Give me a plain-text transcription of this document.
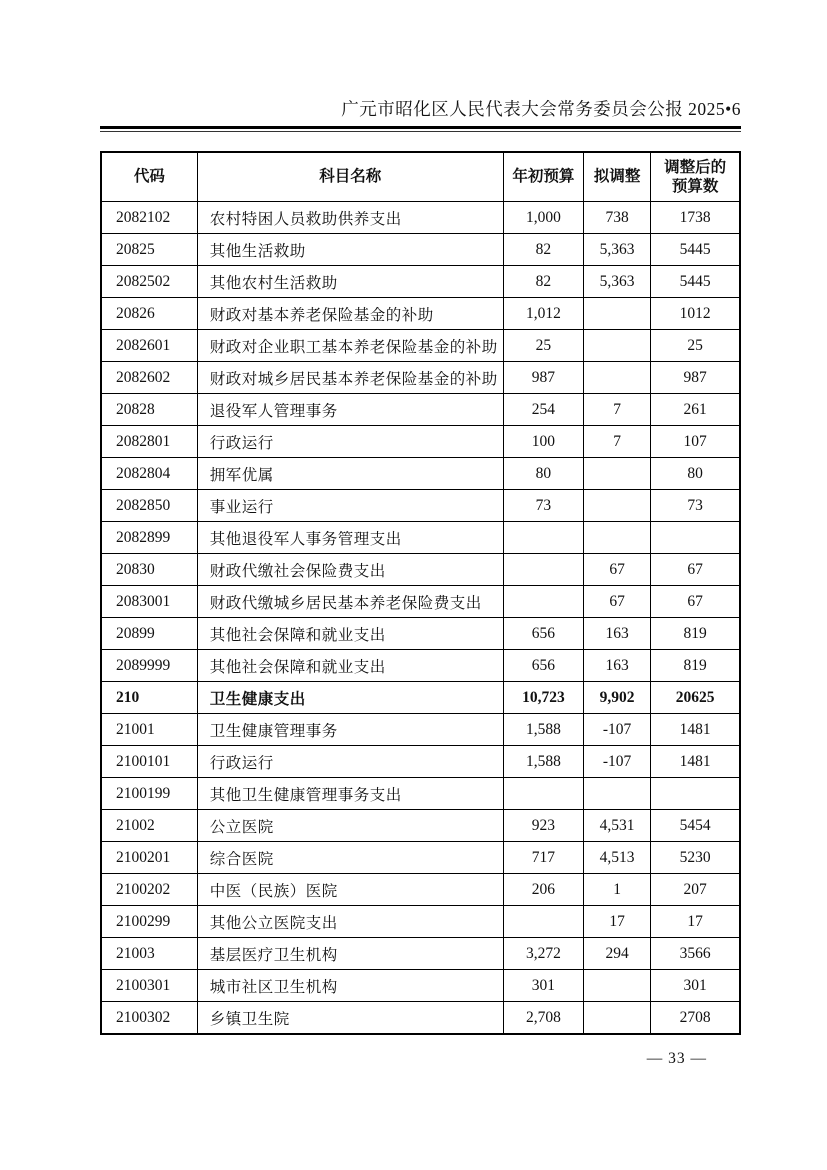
广元市昭化区人民代表大会常务委员会公报 2025•6
代码	科目名称	年初预算	拟调整	调整后的
预算数

2082102	农村特困人员救助供养支出	1,000	738	1738
20825	其他生活救助	82	5,363	5445
2082502	其他农村生活救助	82	5,363	5445
20826	财政对基本养老保险基金的补助	1,012		1012
2082601	财政对企业职工基本养老保险基金的补助	25		25
2082602	财政对城乡居民基本养老保险基金的补助	987		987
20828	退役军人管理事务	254	7	261
2082801	行政运行	100	7	107
2082804	拥军优属	80		80
2082850	事业运行	73		73
2082899	其他退役军人事务管理支出			
20830	财政代缴社会保险费支出		67	67
2083001	财政代缴城乡居民基本养老保险费支出		67	67
20899	其他社会保障和就业支出	656	163	819
2089999	其他社会保障和就业支出	656	163	819
210	卫生健康支出	10,723	9,902	20625
21001	卫生健康管理事务	1,588	-107	1481
2100101	行政运行	1,588	-107	1481
2100199	其他卫生健康管理事务支出			
21002	公立医院	923	4,531	5454
2100201	综合医院	717	4,513	5230
2100202	中医（民族）医院	206	1	207
2100299	其他公立医院支出		17	17
21003	基层医疗卫生机构	3,272	294	3566
2100301	城市社区卫生机构	301		301
2100302	乡镇卫生院	2,708		2708
— 33 —
